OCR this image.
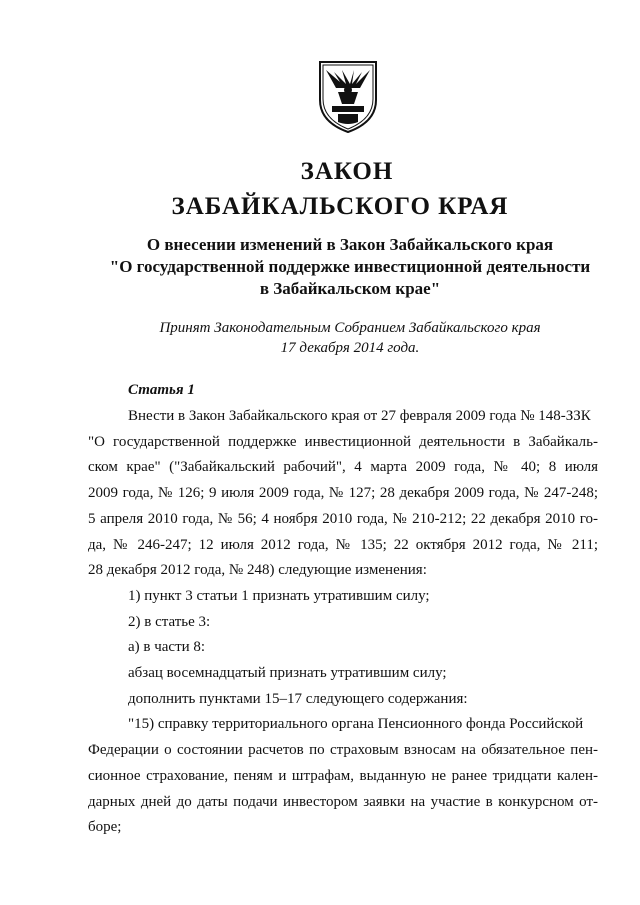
ЗАКОН
ЗАБАЙКАЛЬСКОГО КРАЯ
О внесении изменений в Закон Забайкальского края
"О государственной поддержке инвестиционной деятельности
в Забайкальском крае"
Принят Законодательным Собранием Забайкальского края
17 декабря 2014 года.
Статья 1
Внести в Закон Забайкальского края от 27 февраля 2009 года № 148-ЗЗК
"О государственной поддержке инвестиционной деятельности в Забайкаль-
ском крае" ("Забайкальский рабочий", 4 марта 2009 года, № 40; 8 июля
2009 года, № 126; 9 июля 2009 года, № 127; 28 декабря 2009 года, № 247-248;
5 апреля 2010 года, № 56; 4 ноября 2010 года, № 210-212; 22 декабря 2010 го-
да, № 246-247; 12 июля 2012 года, № 135; 22 октября 2012 года, № 211;
28 декабря 2012 года, № 248) следующие изменения:
1) пункт 3 статьи 1 признать утратившим силу;
2) в статье 3:
а) в части 8:
абзац восемнадцатый признать утратившим силу;
дополнить пунктами 15–17 следующего содержания:
"15) справку территориального органа Пенсионного фонда Российской
Федерации о состоянии расчетов по страховым взносам на обязательное пен-
сионное страхование, пеням и штрафам, выданную не ранее тридцати кален-
дарных дней до даты подачи инвестором заявки на участие в конкурсном от-
боре;
